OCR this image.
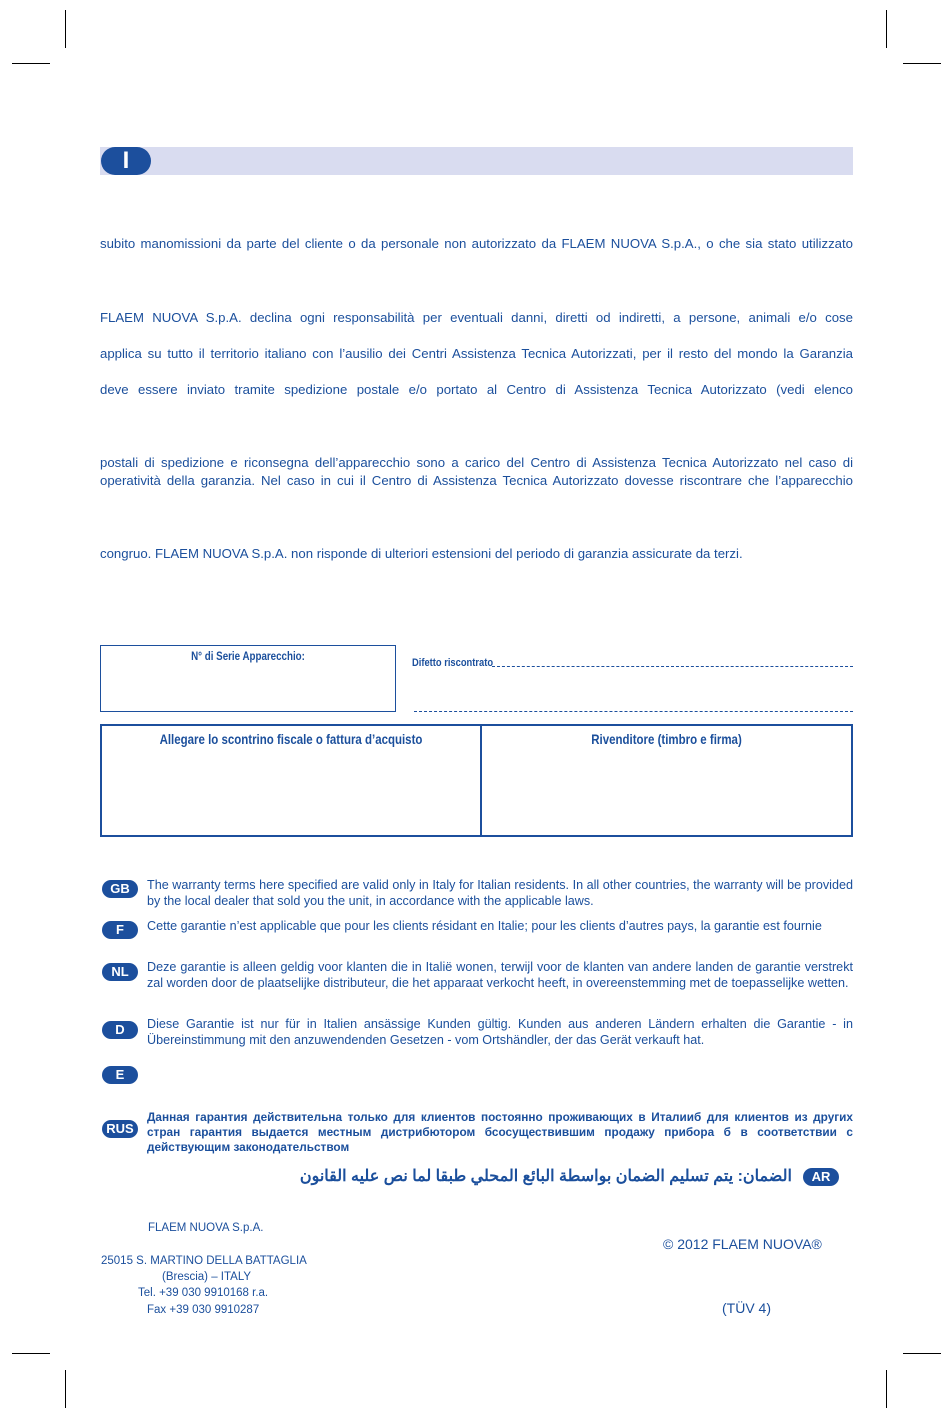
I
subito manomissioni da parte del cliente o da personale non autorizzato da FLAEM NUOVA S.p.A., o che sia stato utilizzato
FLAEM NUOVA S.p.A. declina ogni responsabilità per eventuali danni, diretti od indiretti, a persone, animali e/o cose
applica su tutto il territorio italiano con l’ausilio dei Centri Assistenza Tecnica Autorizzati, per il resto del mondo la Garanzia
deve essere inviato tramite spedizione postale e/o portato al Centro di Assistenza Tecnica Autorizzato (vedi elenco
postali di spedizione e riconsegna dell’apparecchio sono a carico del Centro di Assistenza Tecnica Autorizzato nel caso di operatività della garanzia. Nel caso in cui il Centro di Assistenza Tecnica Autorizzato dovesse riscontrare che l’apparecchio
congruo. FLAEM NUOVA S.p.A. non risponde di ulteriori estensioni del periodo di garanzia assicurate da terzi.
N° di Serie Apparecchio:	Difetto riscontrato
Allegare lo scontrino fiscale o fattura d’acquisto	Rivenditore (timbro e firma)
GB	The warranty terms here specified are valid only in Italy for Italian residents. In all other countries, the warranty will be provided by the local dealer that sold you the unit, in accordance with the applicable laws.
F	Cette garantie n’est applicable que pour les clients résidant en Italie; pour les clients d’autres pays, la garantie est fournie
NL	Deze garantie is alleen geldig voor klanten die in Italië wonen, terwijl voor de klanten van andere landen de garantie verstrekt zal worden door de plaatselijke distributeur, die het apparaat verkocht heeft, in overeenstemming met de toepasselijke wetten.
D	Diese Garantie ist nur für in Italien ansässige Kunden gültig. Kunden aus anderen Ländern erhalten die Garantie - in Übereinstimmung mit den anzuwendenden Gesetzen - vom Ortshändler, der das Gerät verkauft hat.
E
RUS
Данная гарантия действительна только для клиентов постоянно проживающих в Италииб для клиентов из других стран гарантия выдается местным дистрибютором бсосуществившим продажу прибора б в соответствии с действующим законодательством
الضمان: يتم تسليم الضمان بواسطة البائع المحلي طبقا لما نص عليه القانون	AR
FLAEM NUOVA S.p.A.
25015 S. MARTINO DELLA BATTAGLIA
(Brescia) – ITALY
Tel. +39 030 9910168 r.a.
Fax +39 030 9910287
© 2012 FLAEM NUOVA®
(TÜV 4)
